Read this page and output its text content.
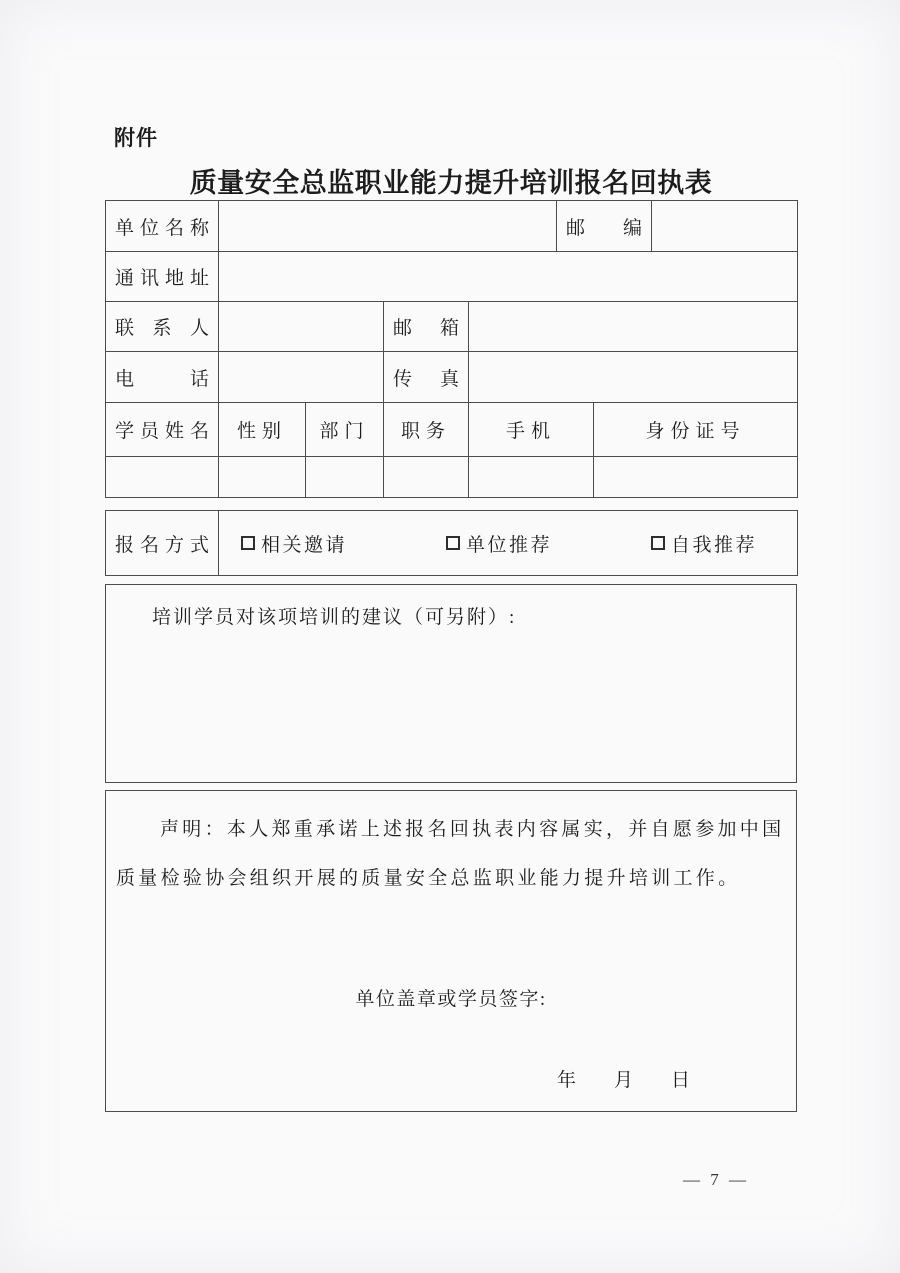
附件
质量安全总监职业能力提升培训报名回执表
单位名称					邮编		
通讯地址							
联系人			邮箱				
电话			传真				
学员姓名	性别	部门	职务	手机		身份证号	

报名方式	相关邀请	单位推荐	自我推荐
培训学员对该项培训的建议（可另附）:

声明：本人郑重承诺上述报名回执表内容属实，并自愿参加中国质量检验协会组织开展的质量安全总监职业能力提升培训工作。

单位盖章或学员签字:
年　　月　　日
— 7 —
